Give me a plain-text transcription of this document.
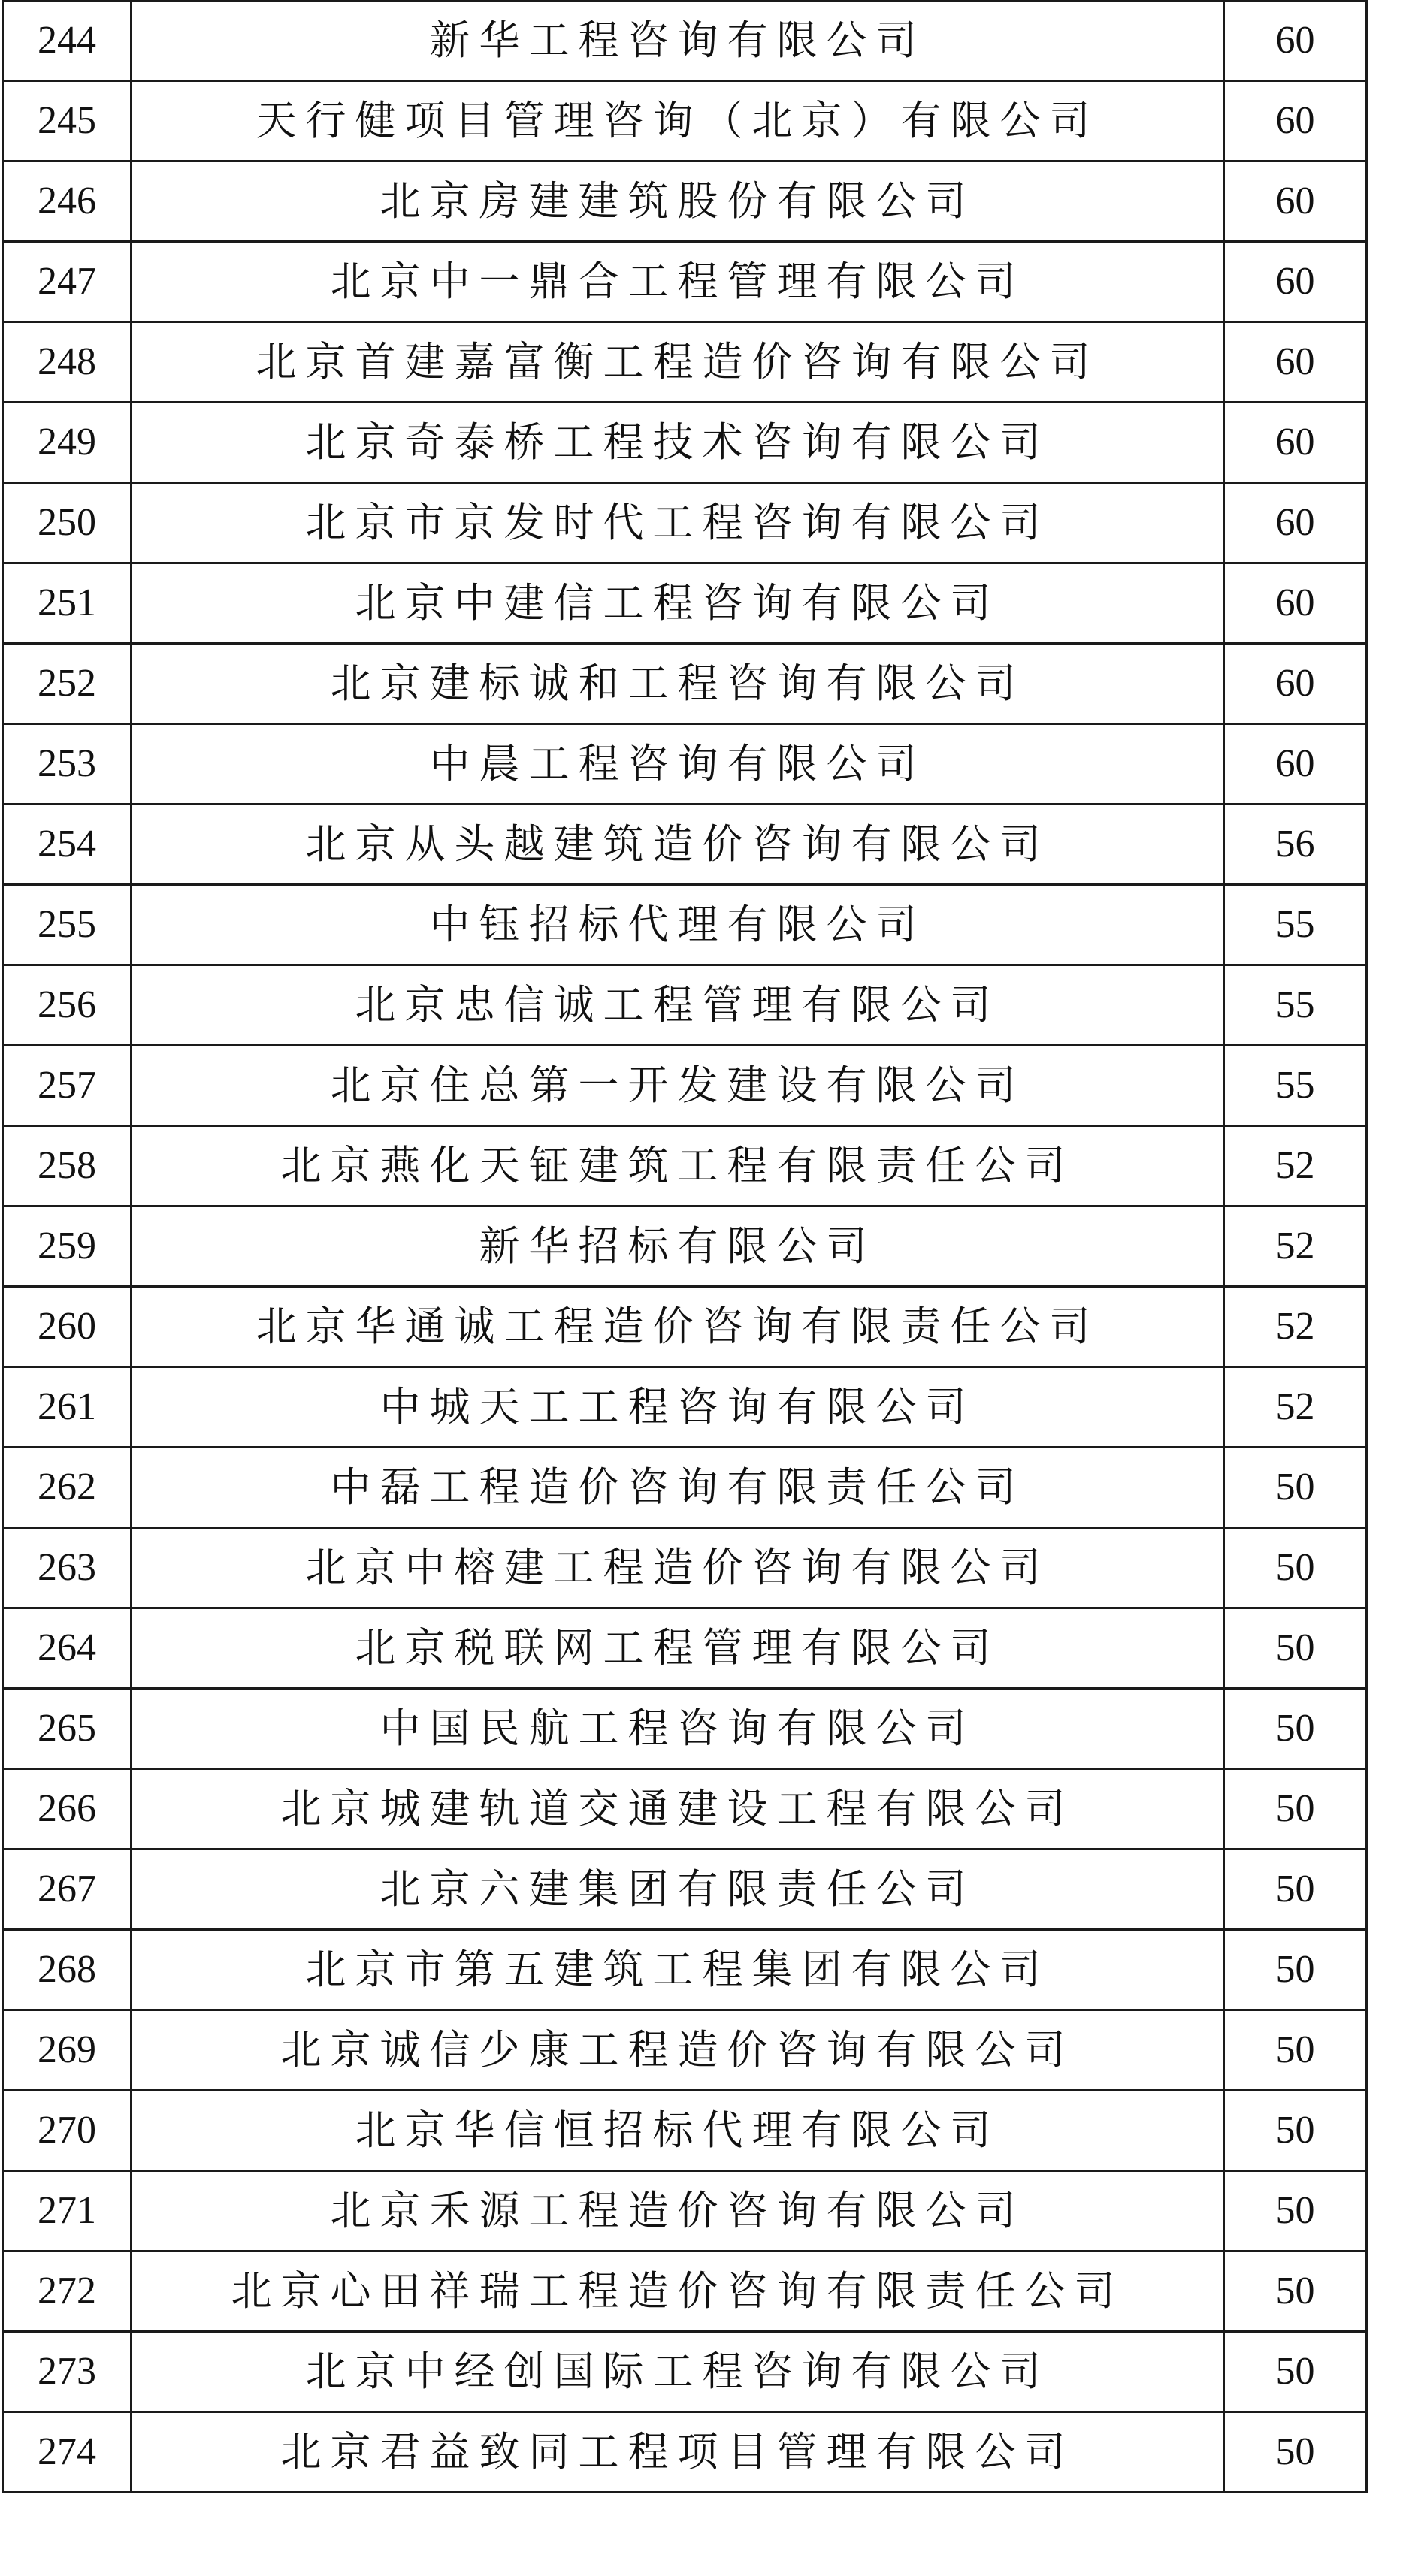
244	新华工程咨询有限公司	60
245	天行健项目管理咨询（北京）有限公司	60
246	北京房建建筑股份有限公司	60
247	北京中一鼎合工程管理有限公司	60
248	北京首建嘉富衡工程造价咨询有限公司	60
249	北京奇泰桥工程技术咨询有限公司	60
250	北京市京发时代工程咨询有限公司	60
251	北京中建信工程咨询有限公司	60
252	北京建标诚和工程咨询有限公司	60
253	中晨工程咨询有限公司	60
254	北京从头越建筑造价咨询有限公司	56
255	中钰招标代理有限公司	55
256	北京忠信诚工程管理有限公司	55
257	北京住总第一开发建设有限公司	55
258	北京燕化天钲建筑工程有限责任公司	52
259	新华招标有限公司	52
260	北京华通诚工程造价咨询有限责任公司	52
261	中城天工工程咨询有限公司	52
262	中磊工程造价咨询有限责任公司	50
263	北京中榕建工程造价咨询有限公司	50
264	北京税联网工程管理有限公司	50
265	中国民航工程咨询有限公司	50
266	北京城建轨道交通建设工程有限公司	50
267	北京六建集团有限责任公司	50
268	北京市第五建筑工程集团有限公司	50
269	北京诚信少康工程造价咨询有限公司	50
270	北京华信恒招标代理有限公司	50
271	北京禾源工程造价咨询有限公司	50
272	北京心田祥瑞工程造价咨询有限责任公司	50
273	北京中经创国际工程咨询有限公司	50
274	北京君益致同工程项目管理有限公司	50
